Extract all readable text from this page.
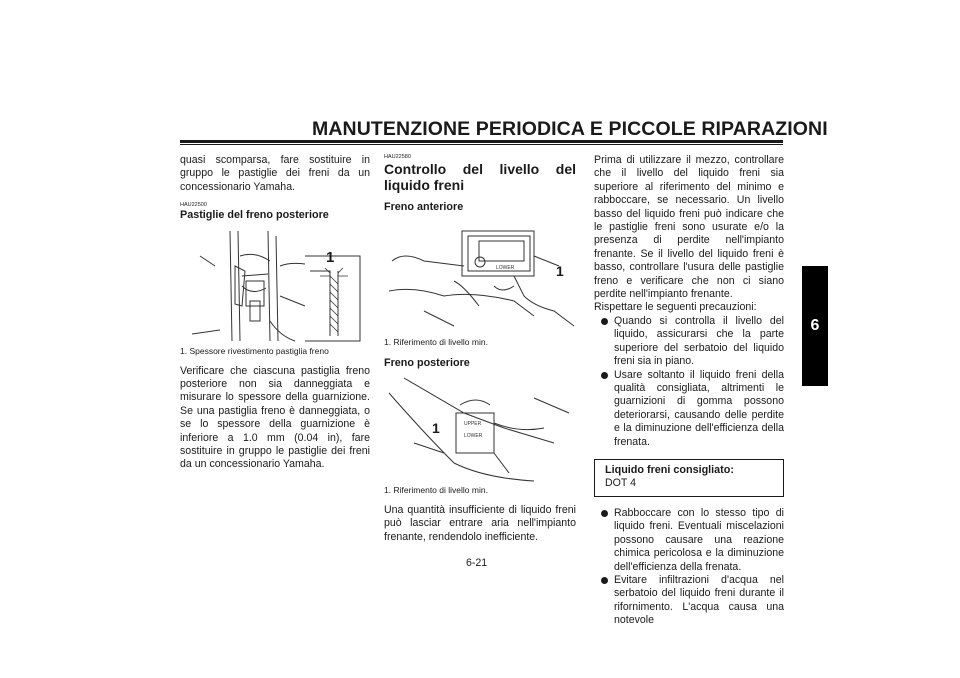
MANUTENZIONE PERIODICA E PICCOLE RIPARAZIONI
6

quasi scomparsa, fare sostituire in gruppo le pastiglie dei freni da un concessionario Yamaha.

HAU22500

Pastiglie del freno posteriore

1

1. Spessore rivestimento pastiglia freno

Verificare che ciascuna pastiglia freno posteriore non sia danneggiata e misurare lo spessore della guarnizione. Se una pastiglia freno è danneggiata, o se lo spessore della guarnizione è inferiore a 1.0 mm (0.04 in), fare sostituire in gruppo le pastiglie dei freni da un concessionario Yamaha.

HAU22580

Controllo del livello del liquido freni

Freno anteriore

LOWER	1

1. Riferimento di livello min.

Freno posteriore

UPPER
LOWER
1

1. Riferimento di livello min.

Una quantità insufficiente di liquido freni può lasciar entrare aria nell'impianto frenante, rendendolo inefficiente.

Prima di utilizzare il mezzo, controllare che il livello del liquido freni sia superiore al riferimento del minimo e rabboccare, se necessario. Un livello basso del liquido freni può indicare che le pastiglie freni sono usurate e/o la presenza di perdite nell'impianto frenante. Se il livello del liquido freni è basso, controllare l'usura delle pastiglie freno e verificare che non ci siano perdite nell'impianto frenante.

Rispettare le seguenti precauzioni:

Quando si controlla il livello del liquido, assicurarsi che la parte superiore del serbatoio del liquido freni sia in piano.
Usare soltanto il liquido freni della qualità consigliata, altrimenti le guarnizioni di gomma possono deteriorarsi, causando delle perdite e la diminuzione dell'efficienza della frenata.

Liquido freni consigliato:

DOT 4

Rabboccare con lo stesso tipo di liquido freni. Eventuali miscelazioni possono causare una reazione chimica pericolosa e la diminuzione dell'efficienza della frenata.
Evitare infiltrazioni d'acqua nel serbatoio del liquido freni durante il rifornimento. L'acqua causa una notevole
6-21
